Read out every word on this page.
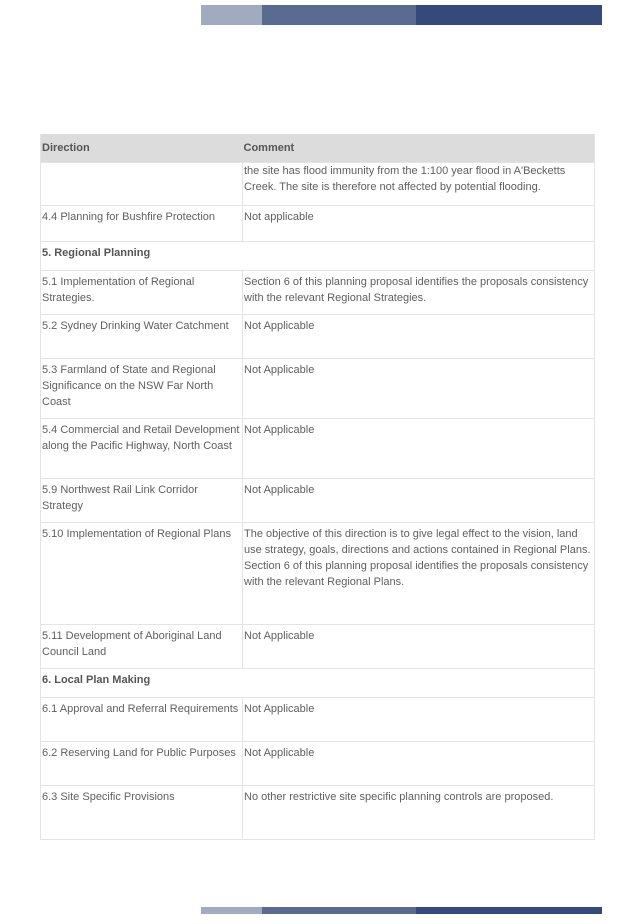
Direction	Comment
	the site has flood immunity from the 1:100 year flood in A'Becketts Creek. The site is therefore not affected by potential flooding.
4.4 Planning for Bushfire Protection	Not applicable
5. Regional Planning	
5.1 Implementation of Regional Strategies.	Section 6 of this planning proposal identifies the proposals consistency with the relevant Regional Strategies.
5.2 Sydney Drinking Water Catchment	Not Applicable
5.3 Farmland of State and Regional Significance on the NSW Far North Coast	Not Applicable
5.4 Commercial and Retail Development along the Pacific Highway, North Coast	Not Applicable
5.9 Northwest Rail Link Corridor Strategy	Not Applicable
5.10 Implementation of Regional Plans	The objective of this direction is to give legal effect to the vision, land use strategy, goals, directions and actions contained in Regional Plans. Section 6 of this planning proposal identifies the proposals consistency with the relevant Regional Plans.
5.11 Development of Aboriginal Land Council Land	Not Applicable
6. Local Plan Making	
6.1 Approval and Referral Requirements	Not Applicable
6.2 Reserving Land for Public Purposes	Not Applicable
6.3 Site Specific Provisions	No other restrictive site specific planning controls are proposed.
